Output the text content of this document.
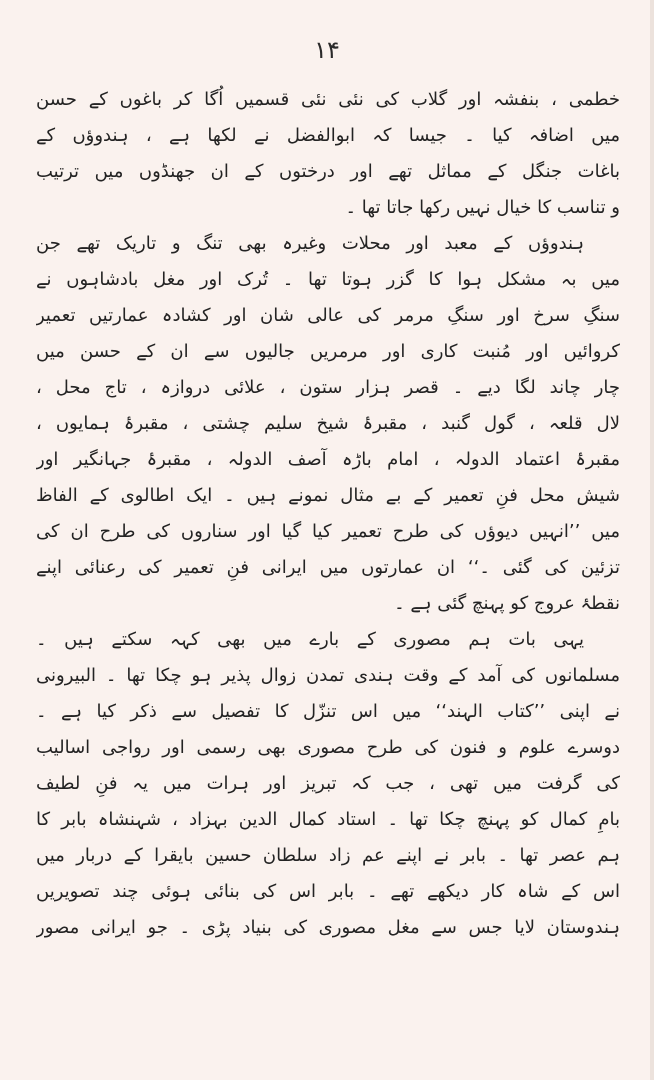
۱۴
خطمی ، بنفشہ اور گلاب کی نئی نئی قسمیں اُگا کر باغوں کے حسن
میں اضافہ کیا ۔ جیسا کہ ابوالفضل نے لکھا ہے ، ہندوؤں کے
باغات جنگل کے مماثل تھے اور درختوں کے ان جھنڈوں میں ترتیب
و تناسب کا خیال نہیں رکھا جاتا تھا ۔
ہندوؤں کے معبد اور محلات وغیرہ بھی تنگ و تاریک تھے جن
میں بہ مشکل ہوا کا گزر ہوتا تھا ۔ تُرک اور مغل بادشاہوں نے
سنگِ سرخ اور سنگِ مرمر کی عالی شان اور کشادہ عمارتیں تعمیر
کروائیں اور مُنبت کاری اور مرمریں جالیوں سے ان کے حسن میں
چار چاند لگا دیے ۔ قصر ہزار ستون ، علائی دروازہ ، تاج محل ،
لال قلعہ ، گول گنبد ، مقبرۂ شیخ سلیم چشتی ، مقبرۂ ہمایوں ،
مقبرۂ اعتماد الدولہ ، امام باڑہ آصف الدولہ ، مقبرۂ جہانگیر اور
شیش محل فنِ تعمیر کے بے مثال نمونے ہیں ۔ ایک اطالوی کے الفاظ
میں ’’انہیں دیوؤں کی طرح تعمیر کیا گیا اور سناروں کی طرح ان کی
تزئین کی گئی ۔‘‘ ان عمارتوں میں ایرانی فنِ تعمیر کی رعنائی اپنے
نقطۂ عروج کو پہنچ گئی ہے ۔
یہی بات ہم مصوری کے بارے میں بھی کہہ سکتے ہیں ۔
مسلمانوں کی آمد کے وقت ہندی تمدن زوال پذیر ہو چکا تھا ۔ البیرونی
نے اپنی ’’کتاب الہند‘‘ میں اس تنزّل کا تفصیل سے ذکر کیا ہے ۔
دوسرے علوم و فنون کی طرح مصوری بھی رسمی اور رواجی اسالیب
کی گرفت میں تھی ، جب کہ تبریز اور ہرات میں یہ فنِ لطیف
بامِ کمال کو پہنچ چکا تھا ۔ استاد کمال الدین بہزاد ، شہنشاہ بابر کا
ہم عصر تھا ۔ بابر نے اپنے عم زاد سلطان حسین بایقرا کے دربار میں
اس کے شاہ کار دیکھے تھے ۔ بابر اس کی بنائی ہوئی چند تصویریں
ہندوستان لایا جس سے مغل مصوری کی بنیاد پڑی ۔ جو ایرانی مصور
